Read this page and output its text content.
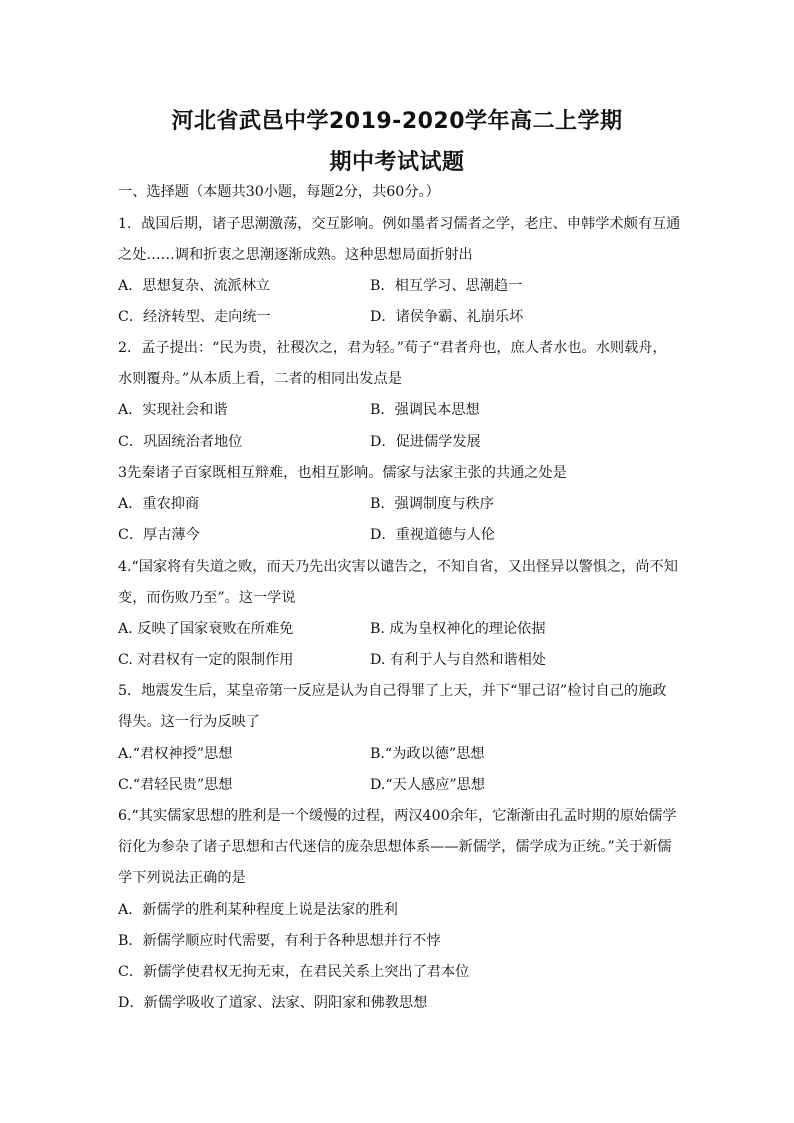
河北省武邑中学2019-2020学年高二上学期
期中考试试题
一、选择题（本题共30小题，每题2分，共60分。）
1．战国后期，诸子思潮激荡，交互影响。例如墨者习儒者之学，老庄、申韩学术颇有互通
之处……调和折衷之思潮逐渐成熟。这种思想局面折射出
A．思想复杂、流派林立	B．相互学习、思潮趋一
C．经济转型、走向统一	D．诸侯争霸、礼崩乐坏
2．孟子提出：“民为贵，社稷次之，君为轻。”荀子“君者舟也，庶人者水也。水则载舟，
水则覆舟。”从本质上看，二者的相同出发点是
A．实现社会和谐	B．强调民本思想
C．巩固统治者地位	D．促进儒学发展
3先秦诸子百家既相互辩难，也相互影响。儒家与法家主张的共通之处是
A．重农抑商	B．强调制度与秩序
C．厚古薄今	D．重视道德与人伦
4.“国家将有失道之败，而天乃先出灾害以谴告之，不知自省，又出怪异以警惧之，尚不知
变，而伤败乃至”。这一学说
A. 反映了国家衰败在所难免	B. 成为皇权神化的理论依据
C. 对君权有一定的限制作用	D. 有利于人与自然和谐相处
5．地震发生后，某皇帝第一反应是认为自己得罪了上天，并下“罪己诏”检讨自己的施政
得失。这一行为反映了
A.“君权神授”思想	B.“为政以德”思想
C.“君轻民贵”思想	D.“天人感应”思想
6.“其实儒家思想的胜利是一个缓慢的过程，两汉400余年，它渐渐由孔孟时期的原始儒学
衍化为参杂了诸子思想和古代迷信的庞杂思想体系——新儒学，儒学成为正统。”关于新儒
学下列说法正确的是
A．新儒学的胜利某种程度上说是法家的胜利
B．新儒学顺应时代需要，有利于各种思想并行不悖
C．新儒学使君权无拘无束，在君民关系上突出了君本位
D．新儒学吸收了道家、法家、阴阳家和佛教思想
